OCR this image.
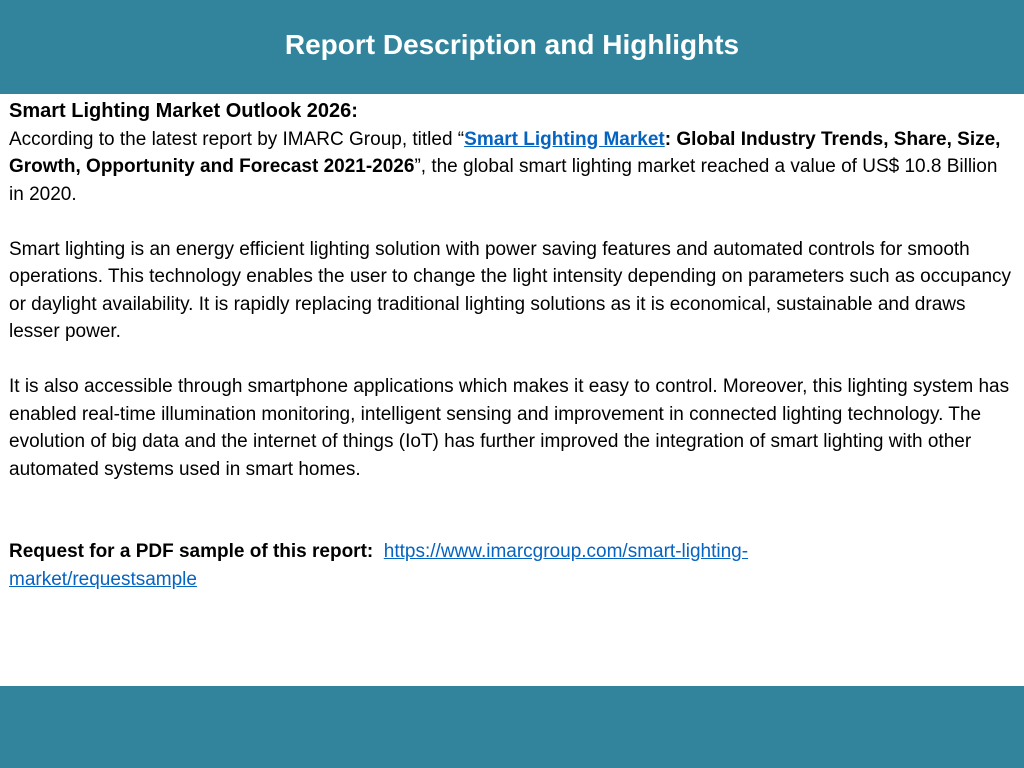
Report Description and Highlights

Smart Lighting Market Outlook 2026:

According to the latest report by IMARC Group, titled “Smart Lighting Market: Global Industry Trends, Share, Size, Growth, Opportunity and Forecast 2021-2026”, the global smart lighting market reached a value of US$ 10.8 Billion in 2020.

Smart lighting is an energy efficient lighting solution with power saving features and automated controls for smooth operations. This technology enables the user to change the light intensity depending on parameters such as occupancy or daylight availability. It is rapidly replacing traditional lighting solutions as it is economical, sustainable and draws lesser power.

It is also accessible through smartphone applications which makes it easy to control. Moreover, this lighting system has enabled real-time illumination monitoring, intelligent sensing and improvement in connected lighting technology. The evolution of big data and the internet of things (IoT) has further improved the integration of smart lighting with other automated systems used in smart homes.

Request for a PDF sample of this report: https://www.imarcgroup.com/smart-lighting-
market/requestsample
